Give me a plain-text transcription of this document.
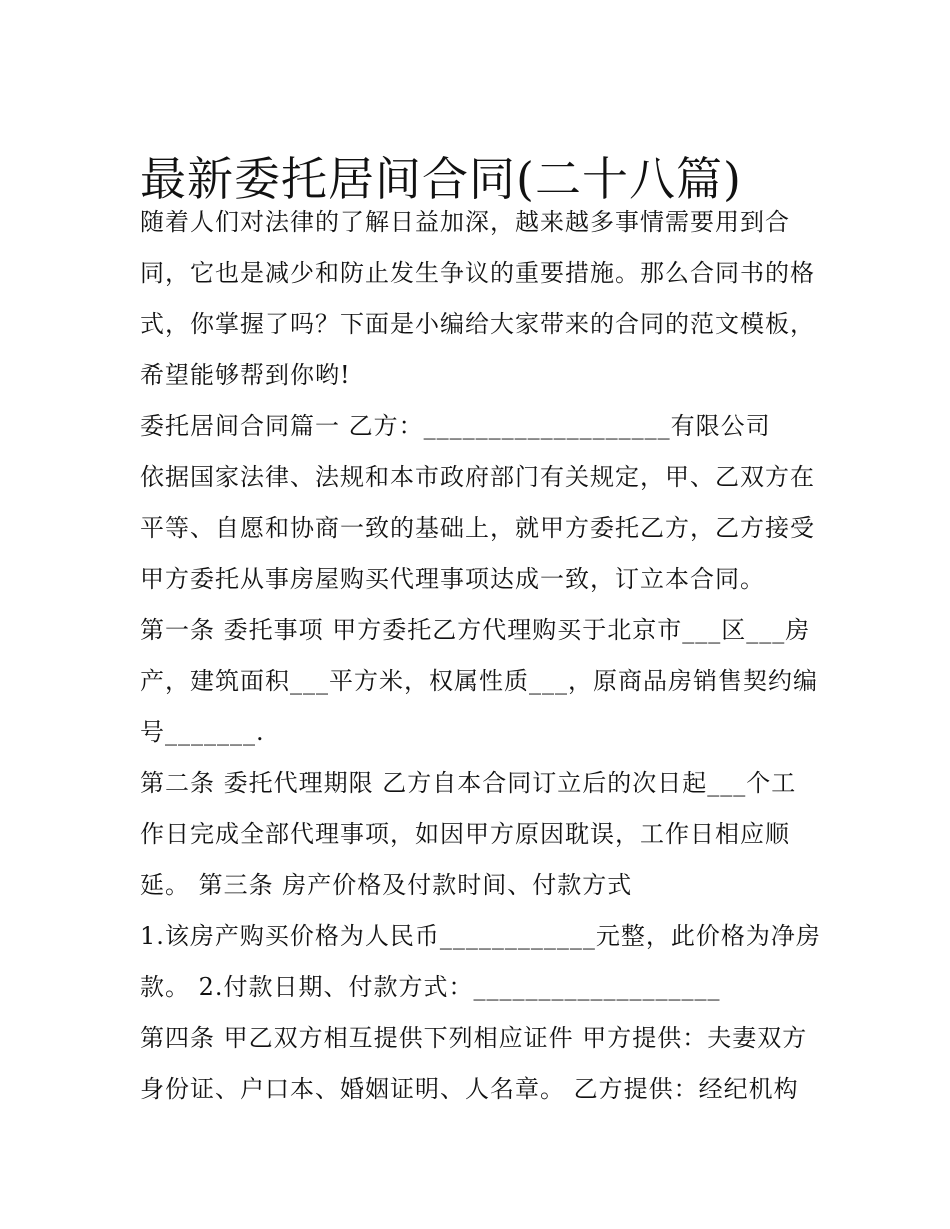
最新委托居间合同(二十八篇)
随着人们对法律的了解日益加深，越来越多事情需要用到合
同，它也是减少和防止发生争议的重要措施。那么合同书的格
式，你掌握了吗？下面是小编给大家带来的合同的范文模板，
希望能够帮到你哟!
委托居间合同篇一 乙方：___________________有限公司
依据国家法律、法规和本市政府部门有关规定，甲、乙双方在
平等、自愿和协商一致的基础上，就甲方委托乙方，乙方接受
甲方委托从事房屋购买代理事项达成一致，订立本合同。
第一条 委托事项 甲方委托乙方代理购买于北京市___区___房
产，建筑面积___平方米，权属性质___，原商品房销售契约编
号_______.
第二条 委托代理期限 乙方自本合同订立后的次日起___个工
作日完成全部代理事项，如因甲方原因耽误，工作日相应顺
延。 第三条 房产价格及付款时间、付款方式
1.该房产购买价格为人民币____________元整，此价格为净房
款。 2.付款日期、付款方式：___________________
第四条 甲乙双方相互提供下列相应证件 甲方提供：夫妻双方
身份证、户口本、婚姻证明、人名章。 乙方提供：经纪机构
